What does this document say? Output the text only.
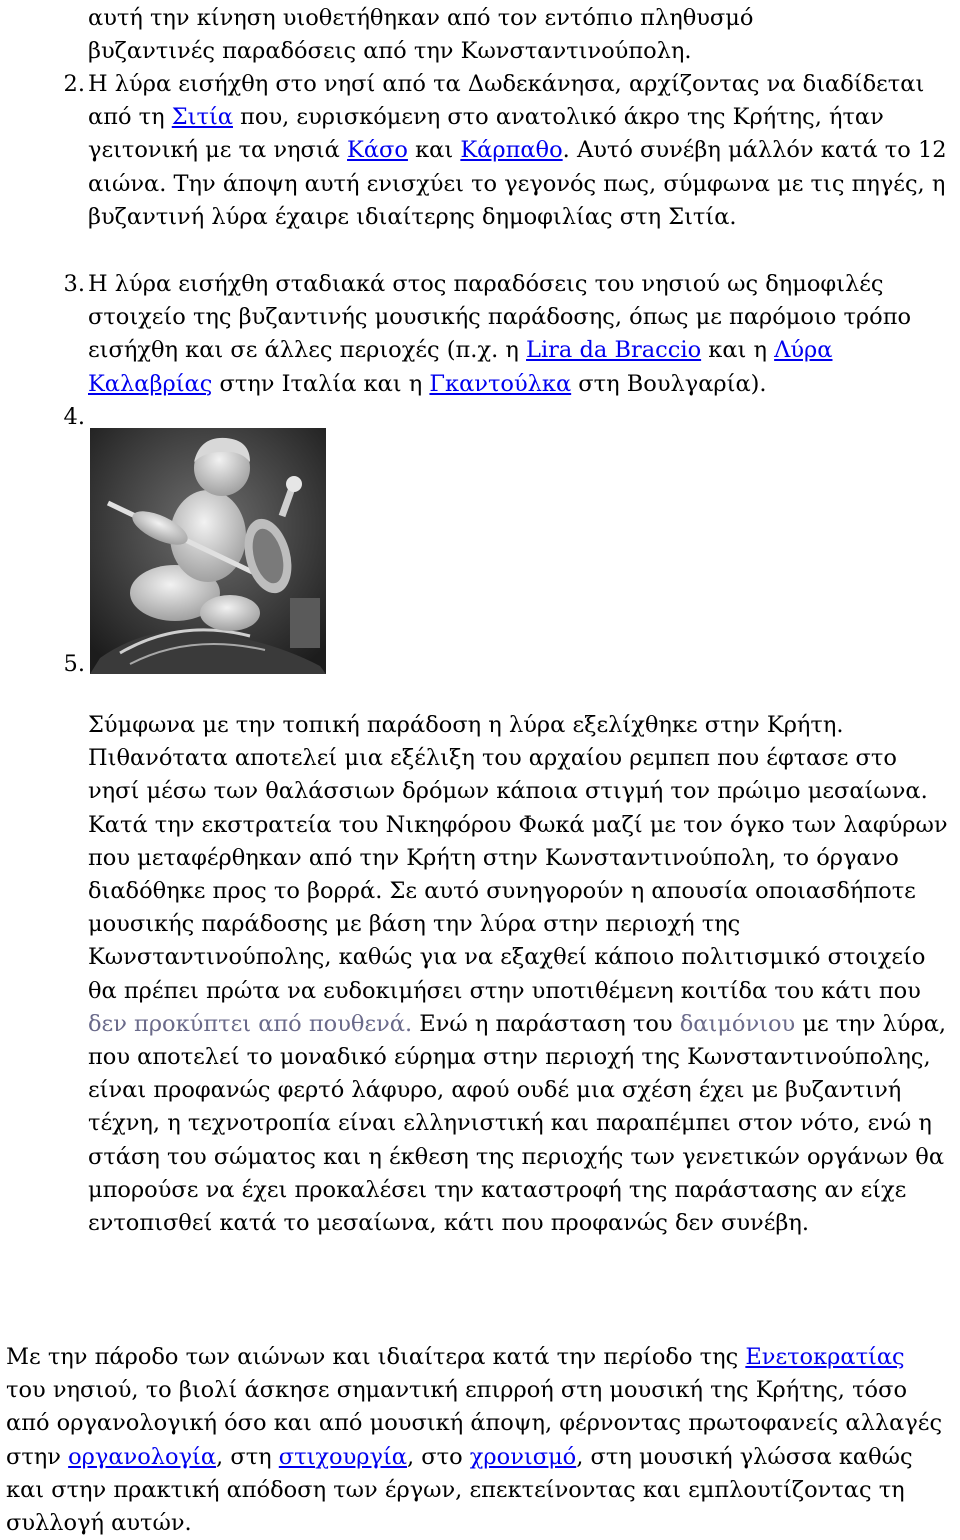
αυτή την κίνηση υιοθετήθηκαν από τον εντόπιο πληθυσμό
βυζαντινές παραδόσεις από την Κωνσταντινούπολη.
2. Η λύρα εισήχθη στο νησί από τα Δωδεκάνησα, αρχίζοντας να διαδίδεται από τη Σιτία που, ευρισκόμενη στο ανατολικό άκρο της Κρήτης, ήταν γειτονική με τα νησιά Κάσο και Κάρπαθο. Αυτό συνέβη μάλλόν κατά το 12 αιώνα. Την άποψη αυτή ενισχύει το γεγονός πως, σύμφωνα με τις πηγές, η βυζαντινή λύρα έχαιρε ιδιαίτερης δημοφιλίας στη Σιτία.
3. Η λύρα εισήχθη σταδιακά στος παραδόσεις του νησιού ως δημοφιλές στοιχείο της βυζαντινής μουσικής παράδοσης, όπως με παρόμοιο τρόπο εισήχθη και σε άλλες περιοχές (π.χ. η Lira da Braccio και η Λύρα Καλαβρίας στην Ιταλία και η Γκαντούλκα στη Βουλγαρία).
4.
5.
Σύμφωνα με την τοπική παράδοση η λύρα εξελίχθηκε στην Κρήτη. Πιθανότατα αποτελεί μια εξέλιξη του αρχαίου ρεμπεπ που έφτασε στο νησί μέσω των θαλάσσιων δρόμων κάποια στιγμή τον πρώιμο μεσαίωνα. Κατά την εκστρατεία του Νικηφόρου Φωκά μαζί με τον όγκο των λαφύρων που μεταφέρθηκαν από την Κρήτη στην Κωνσταντινούπολη, το όργανο διαδόθηκε προς το βορρά. Σε αυτό συνηγορούν η απουσία οποιασδήποτε μουσικής παράδοσης με βάση την λύρα στην περιοχή της Κωνσταντινούπολης, καθώς για να εξαχθεί κάποιο πολιτισμικό στοιχείο θα πρέπει πρώτα να ευδοκιμήσει στην υποτιθέμενη κοιτίδα του κάτι που δεν προκύπτει από πουθενά. Ενώ η παράσταση του δαιμόνιου με την λύρα, που αποτελεί το μοναδικό εύρημα στην περιοχή της Κωνσταντινούπολης, είναι προφανώς φερτό λάφυρο, αφού ουδέ μια σχέση έχει με βυζαντινή τέχνη, η τεχνοτροπία είναι ελληνιστική και παραπέμπει στον νότο, ενώ η στάση του σώματος και η έκθεση της περιοχής των γενετικών οργάνων θα μπορούσε να έχει προκαλέσει την καταστροφή της παράστασης αν είχε εντοπισθεί κατά το μεσαίωνα, κάτι που προφανώς δεν συνέβη.
Με την πάροδο των αιώνων και ιδιαίτερα κατά την περίοδο της Ενετοκρατίας του νησιού, το βιολί άσκησε σημαντική επιρροή στη μουσική της Κρήτης, τόσο από οργανολογική όσο και από μουσική άποψη, φέρνοντας πρωτοφανείς αλλαγές στην οργανολογία, στη στιχουργία, στο χρονισμό, στη μουσική γλώσσα καθώς και στην πρακτική απόδοση των έργων, επεκτείνοντας και εμπλουτίζοντας τη συλλογή αυτών.
